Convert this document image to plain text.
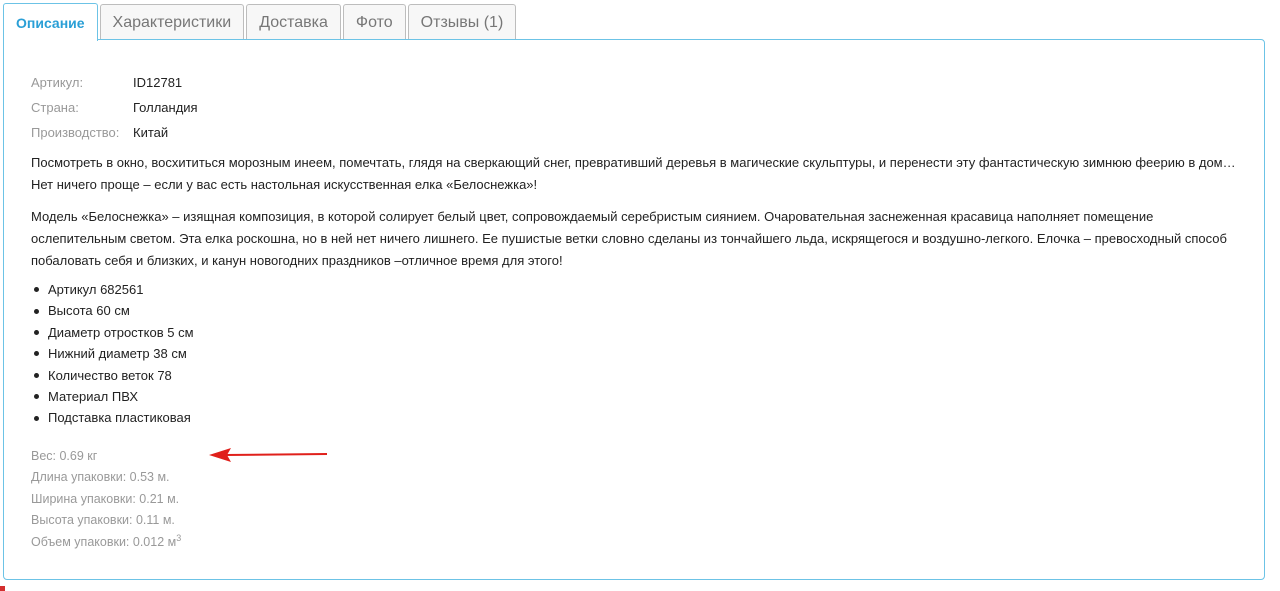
Описание	Характеристики	Доставка	Фото	Отзывы (1)
Артикул:	ID12781
Страна:	Голландия
Производство:	Китай

Посмотреть в окно, восхититься морозным инеем, помечтать, глядя на сверкающий снег, превративший деревья в магические скульптуры, и перенести эту фантастическую зимнюю феерию в дом… Нет ничего проще – если у вас есть настольная искусственная елка «Белоснежка»!

Модель «Белоснежка» – изящная композиция, в которой солирует белый цвет, сопровождаемый серебристым сиянием. Очаровательная заснеженная красавица наполняет помещение ослепительным светом. Эта елка роскошна, но в ней нет ничего лишнего. Ее пушистые ветки словно сделаны из тончайшего льда, искрящегося и воздушно-легкого. Елочка – превосходный способ побаловать себя и близких, и канун новогодних праздников –отличное время для этого!

Артикул 682561
Высота 60 см
Диаметр отростков 5 см
Нижний диаметр 38 см
Количество веток 78
Материал ПВХ
Подставка пластиковая
Вес: 0.69 кг
Длина упаковки: 0.53 м.
Ширина упаковки: 0.21 м.
Высота упаковки: 0.11 м.
Объем упаковки: 0.012 $м^3$
